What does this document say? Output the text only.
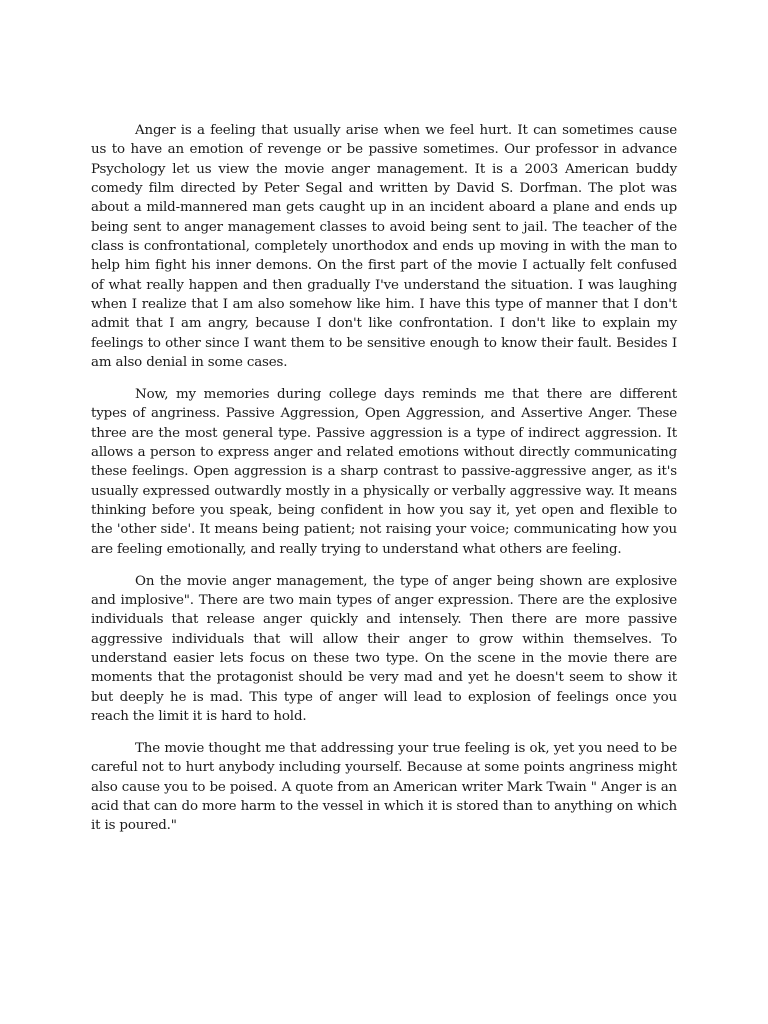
Anger is a feeling that usually arise when we feel hurt. It can sometimes cause us to have an emotion of revenge or be passive sometimes. Our professor in advance Psychology let us view the movie anger management. It is a 2003 American buddy comedy film directed by Peter Segal and written by David S. Dorfman. The plot was about a mild-mannered man gets caught up in an incident aboard a plane and ends up being sent to anger management classes to avoid being sent to jail. The teacher of the class is confrontational, completely unorthodox and ends up moving in with the man to help him fight his inner demons. On the first part of the movie I actually felt confused of what really happen and then gradually I've understand the situation. I was laughing when I realize that I am also somehow like him. I have this type of manner that I don't admit that I am angry, because I don't like confrontation. I don't like to explain my feelings to other since I want them to be sensitive enough to know their fault. Besides I am also denial in some cases.

Now, my memories during college days reminds me that there are different types of angriness. Passive Aggression, Open Aggression, and Assertive Anger. These three are the most general type. Passive aggression is a type of indirect aggression. It allows a person to express anger and related emotions without directly communicating these feelings. Open aggression is a sharp contrast to passive-aggressive anger, as it's usually expressed outwardly mostly in a physically or verbally aggressive way. It means thinking before you speak, being confident in how you say it, yet open and flexible to the 'other side'. It means being patient; not raising your voice; communicating how you are feeling emotionally, and really trying to understand what others are feeling.

On the movie anger management, the type of anger being shown are explosive and implosive". There are two main types of anger expression. There are the explosive individuals that release anger quickly and intensely. Then there are more passive aggressive individuals that will allow their anger to grow within themselves. To understand easier lets focus on these two type. On the scene in the movie there are moments that the protagonist should be very mad and yet he doesn't seem to show it but deeply he is mad. This type of anger will lead to explosion of feelings once you reach the limit it is hard to hold.

The movie thought me that addressing your true feeling is ok, yet you need to be careful not to hurt anybody including yourself. Because at some points angriness might also cause you to be poised. A quote from an American writer Mark Twain " Anger is an acid that can do more harm to the vessel in which it is stored than to anything on which it is poured."
